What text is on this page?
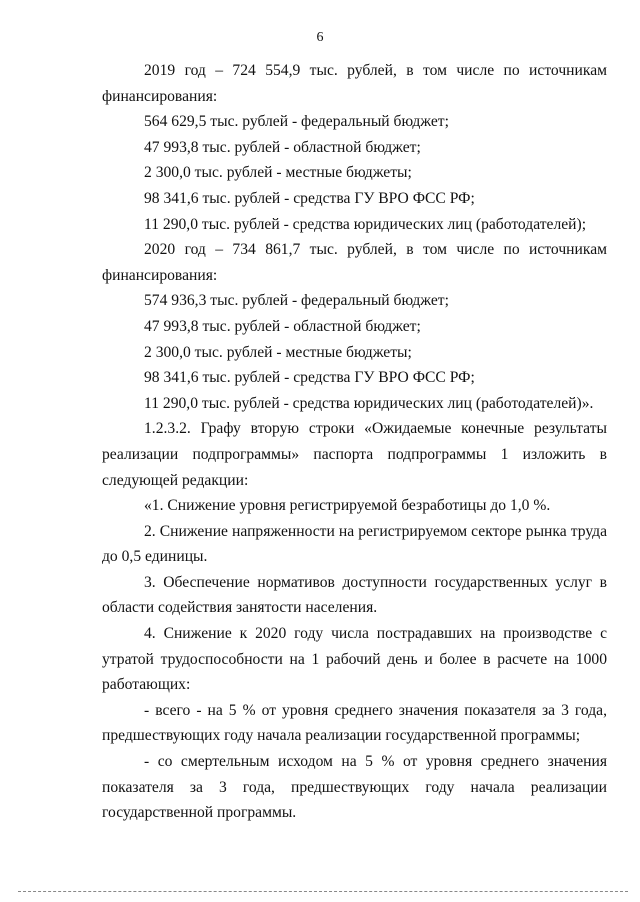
6

2019 год – 724 554,9 тыс. рублей, в том числе по источникам финансирования:

564 629,5 тыс. рублей - федеральный бюджет;

47 993,8 тыс. рублей - областной бюджет;

2 300,0 тыс. рублей - местные бюджеты;

98 341,6 тыс. рублей - средства ГУ ВРО ФСС РФ;

11 290,0 тыс. рублей - средства юридических лиц (работодателей);

2020 год – 734 861,7 тыс. рублей, в том числе по источникам финансирования:

574 936,3 тыс. рублей - федеральный бюджет;

47 993,8 тыс. рублей - областной бюджет;

2 300,0 тыс. рублей - местные бюджеты;

98 341,6 тыс. рублей - средства ГУ ВРО ФСС РФ;

11 290,0 тыс. рублей - средства юридических лиц (работодателей)».

1.2.3.2. Графу вторую строки «Ожидаемые конечные результаты реализации подпрограммы» паспорта подпрограммы 1 изложить в следующей редакции:

«1. Снижение уровня регистрируемой безработицы до 1,0 %.

2. Снижение напряженности на регистрируемом секторе рынка труда до 0,5 единицы.

3. Обеспечение нормативов доступности государственных услуг в области содействия занятости населения.

4. Снижение к 2020 году числа пострадавших на производстве с утратой трудоспособности на 1 рабочий день и более в расчете на 1000 работающих:

- всего - на 5 % от уровня среднего значения показателя за 3 года, предшествующих году начала реализации государственной программы;

- со смертельным исходом на 5 % от уровня среднего значения показателя за 3 года, предшествующих году начала реализации государственной программы.
